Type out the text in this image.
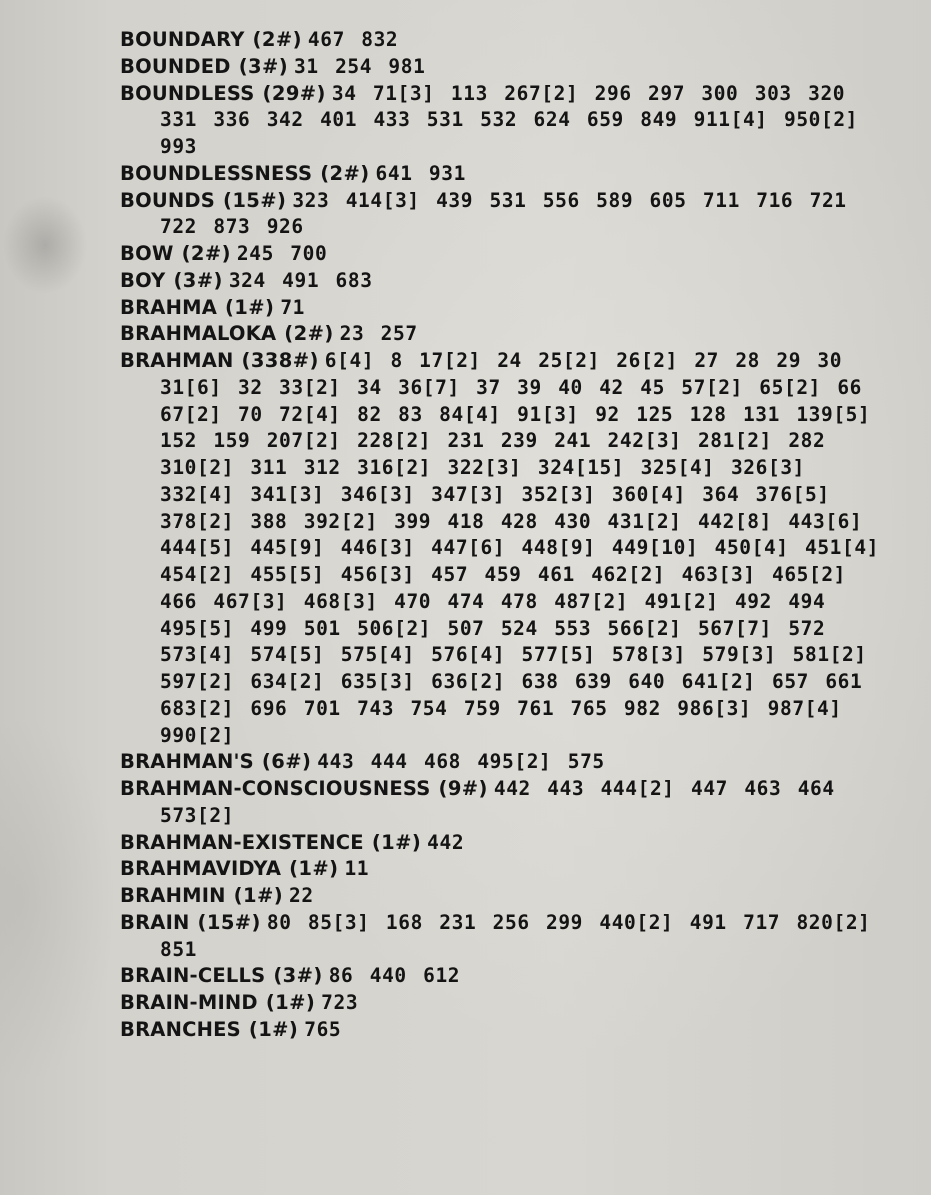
BOUNDARY (2#) 467 832
BOUNDED (3#) 31 254 981
BOUNDLESS (29#) 34 71[3] 113 267[2] 296 297 300 303 320 331 336 342 401 433 531 532 624 659 849 911[4] 950[2] 993
BOUNDLESSNESS (2#) 641 931
BOUNDS (15#) 323 414[3] 439 531 556 589 605 711 716 721 722 873 926
BOW (2#) 245 700
BOY (3#) 324 491 683
BRAHMA (1#) 71
BRAHMALOKA (2#) 23 257
BRAHMAN (338#) 6[4] 8 17[2] 24 25[2] 26[2] 27 28 29 30 31[6] 32 33[2] 34 36[7] 37 39 40 42 45 57[2] 65[2] 66 67[2] 70 72[4] 82 83 84[4] 91[3] 92 125 128 131 139[5] 152 159 207[2] 228[2] 231 239 241 242[3] 281[2] 282 310[2] 311 312 316[2] 322[3] 324[15] 325[4] 326[3] 332[4] 341[3] 346[3] 347[3] 352[3] 360[4] 364 376[5] 378[2] 388 392[2] 399 418 428 430 431[2] 442[8] 443[6] 444[5] 445[9] 446[3] 447[6] 448[9] 449[10] 450[4] 451[4] 454[2] 455[5] 456[3] 457 459 461 462[2] 463[3] 465[2] 466 467[3] 468[3] 470 474 478 487[2] 491[2] 492 494 495[5] 499 501 506[2] 507 524 553 566[2] 567[7] 572 573[4] 574[5] 575[4] 576[4] 577[5] 578[3] 579[3] 581[2] 597[2] 634[2] 635[3] 636[2] 638 639 640 641[2] 657 661 683[2] 696 701 743 754 759 761 765 982 986[3] 987[4] 990[2]
BRAHMAN'S (6#) 443 444 468 495[2] 575
BRAHMAN-CONSCIOUSNESS (9#) 442 443 444[2] 447 463 464 573[2]
BRAHMAN-EXISTENCE (1#) 442
BRAHMAVIDYA (1#) 11
BRAHMIN (1#) 22
BRAIN (15#) 80 85[3] 168 231 256 299 440[2] 491 717 820[2] 851
BRAIN-CELLS (3#) 86 440 612
BRAIN-MIND (1#) 723
BRANCHES (1#) 765
